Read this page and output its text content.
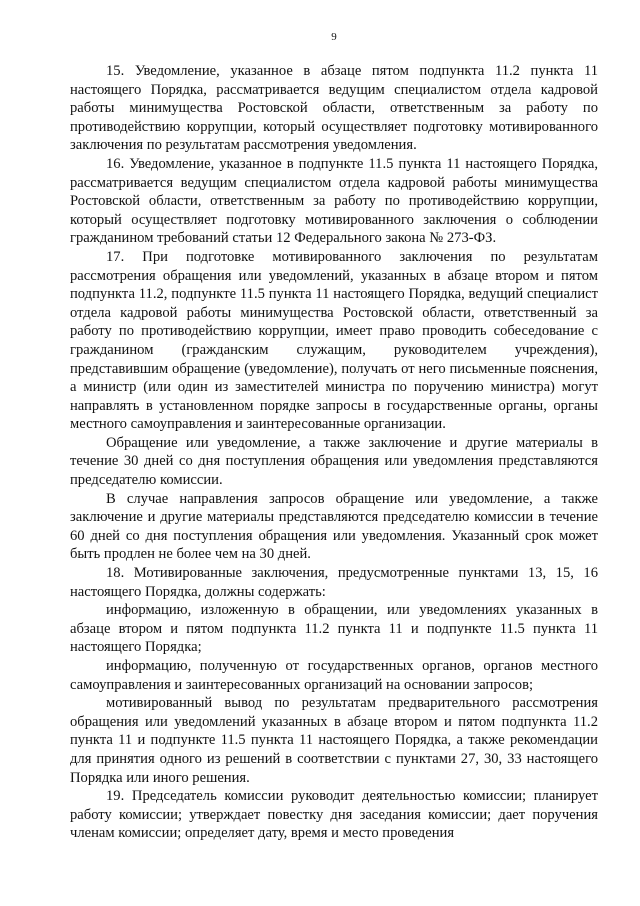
9

15. Уведомление, указанное в абзаце пятом подпункта 11.2 пункта 11 настоящего Порядка, рассматривается ведущим специалистом отдела кадровой работы минимущества Ростовской области, ответственным за работу по противодействию коррупции, который осуществляет подготовку мотивированного заключения по результатам рассмотрения уведомления.

16. Уведомление, указанное в подпункте 11.5 пункта 11 настоящего Порядка, рассматривается ведущим специалистом отдела кадровой работы минимущества Ростовской области, ответственным за работу по противодействию коррупции, который осуществляет подготовку мотивированного заключения о соблюдении гражданином требований статьи 12 Федерального закона № 273-ФЗ.

17. При подготовке мотивированного заключения по результатам рассмотрения обращения или уведомлений, указанных в абзаце втором и пятом подпункта 11.2, подпункте 11.5 пункта 11 настоящего Порядка, ведущий специалист отдела кадровой работы минимущества Ростовской области, ответственный за работу по противодействию коррупции, имеет право проводить собеседование с гражданином (гражданским служащим, руководителем учреждения), представившим обращение (уведомление), получать от него письменные пояснения, а министр (или один из заместителей министра по поручению министра) могут направлять в установленном порядке запросы в государственные органы, органы местного самоуправления и заинтересованные организации.

Обращение или уведомление, а также заключение и другие материалы в течение 30 дней со дня поступления обращения или уведомления представляются председателю комиссии.

В случае направления запросов обращение или уведомление, а также заключение и другие материалы представляются председателю комиссии в течение 60 дней со дня поступления обращения или уведомления. Указанный срок может быть продлен не более чем на 30 дней.

18. Мотивированные заключения, предусмотренные пунктами 13, 15, 16 настоящего Порядка, должны содержать:

информацию, изложенную в обращении, или уведомлениях указанных в абзаце втором и пятом подпункта 11.2 пункта 11 и подпункте 11.5 пункта 11 настоящего Порядка;

информацию, полученную от государственных органов, органов местного самоуправления и заинтересованных организаций на основании запросов;

мотивированный вывод по результатам предварительного рассмотрения обращения или уведомлений указанных в абзаце втором и пятом подпункта 11.2 пункта 11 и подпункте 11.5 пункта 11 настоящего Порядка, а также рекомендации для принятия одного из решений в соответствии с пунктами 27, 30, 33 настоящего Порядка или иного решения.

19. Председатель комиссии руководит деятельностью комиссии; планирует работу комиссии; утверждает повестку дня заседания комиссии; дает поручения членам комиссии; определяет дату, время и место проведения
